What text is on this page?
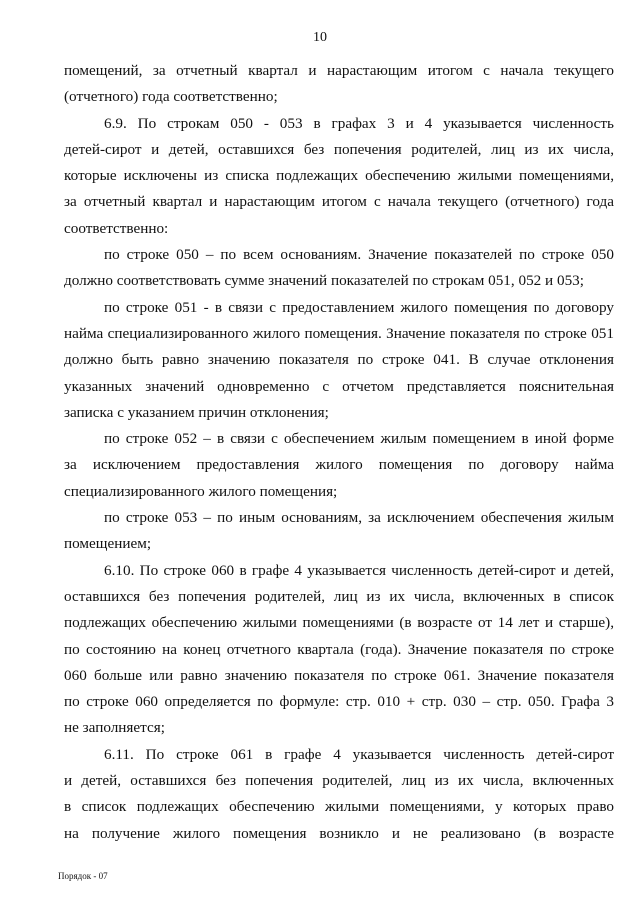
10
помещений, за отчетный квартал и нарастающим итогом с начала текущего
(отчетного) года соответственно;
6.9. По строкам 050 - 053 в графах 3 и 4 указывается численность
детей-сирот и детей, оставшихся без попечения родителей, лиц из их числа,
которые исключены из списка подлежащих обеспечению жилыми помещениями,
за отчетный квартал и нарастающим итогом с начала текущего (отчетного) года
соответственно:
по строке 050 – по всем основаниям. Значение показателей по строке 050
должно соответствовать сумме значений показателей по строкам 051, 052 и 053;
по строке 051 - в связи с предоставлением жилого помещения по договору
найма специализированного жилого помещения. Значение показателя по строке 051
должно быть равно значению показателя по строке 041. В случае отклонения
указанных значений одновременно с отчетом представляется пояснительная
записка с указанием причин отклонения;
по строке 052 – в связи с обеспечением жилым помещением в иной форме
за исключением предоставления жилого помещения по договору найма
специализированного жилого помещения;
по строке 053 – по иным основаниям, за исключением обеспечения жилым
помещением;
6.10. По строке 060 в графе 4 указывается численность детей-сирот и детей,
оставшихся без попечения родителей, лиц из их числа, включенных в список
подлежащих обеспечению жилыми помещениями (в возрасте от 14 лет и старше),
по состоянию на конец отчетного квартала (года). Значение показателя по строке
060 больше или равно значению показателя по строке 061. Значение показателя
по строке 060 определяется по формуле: стр. 010 + стр. 030 – стр. 050. Графа 3
не заполняется;
6.11. По строке 061 в графе 4 указывается численность детей-сирот
и детей, оставшихся без попечения родителей, лиц из их числа, включенных
в список подлежащих обеспечению жилыми помещениями, у которых право
на получение жилого помещения возникло и не реализовано (в возрасте
Порядок - 07
